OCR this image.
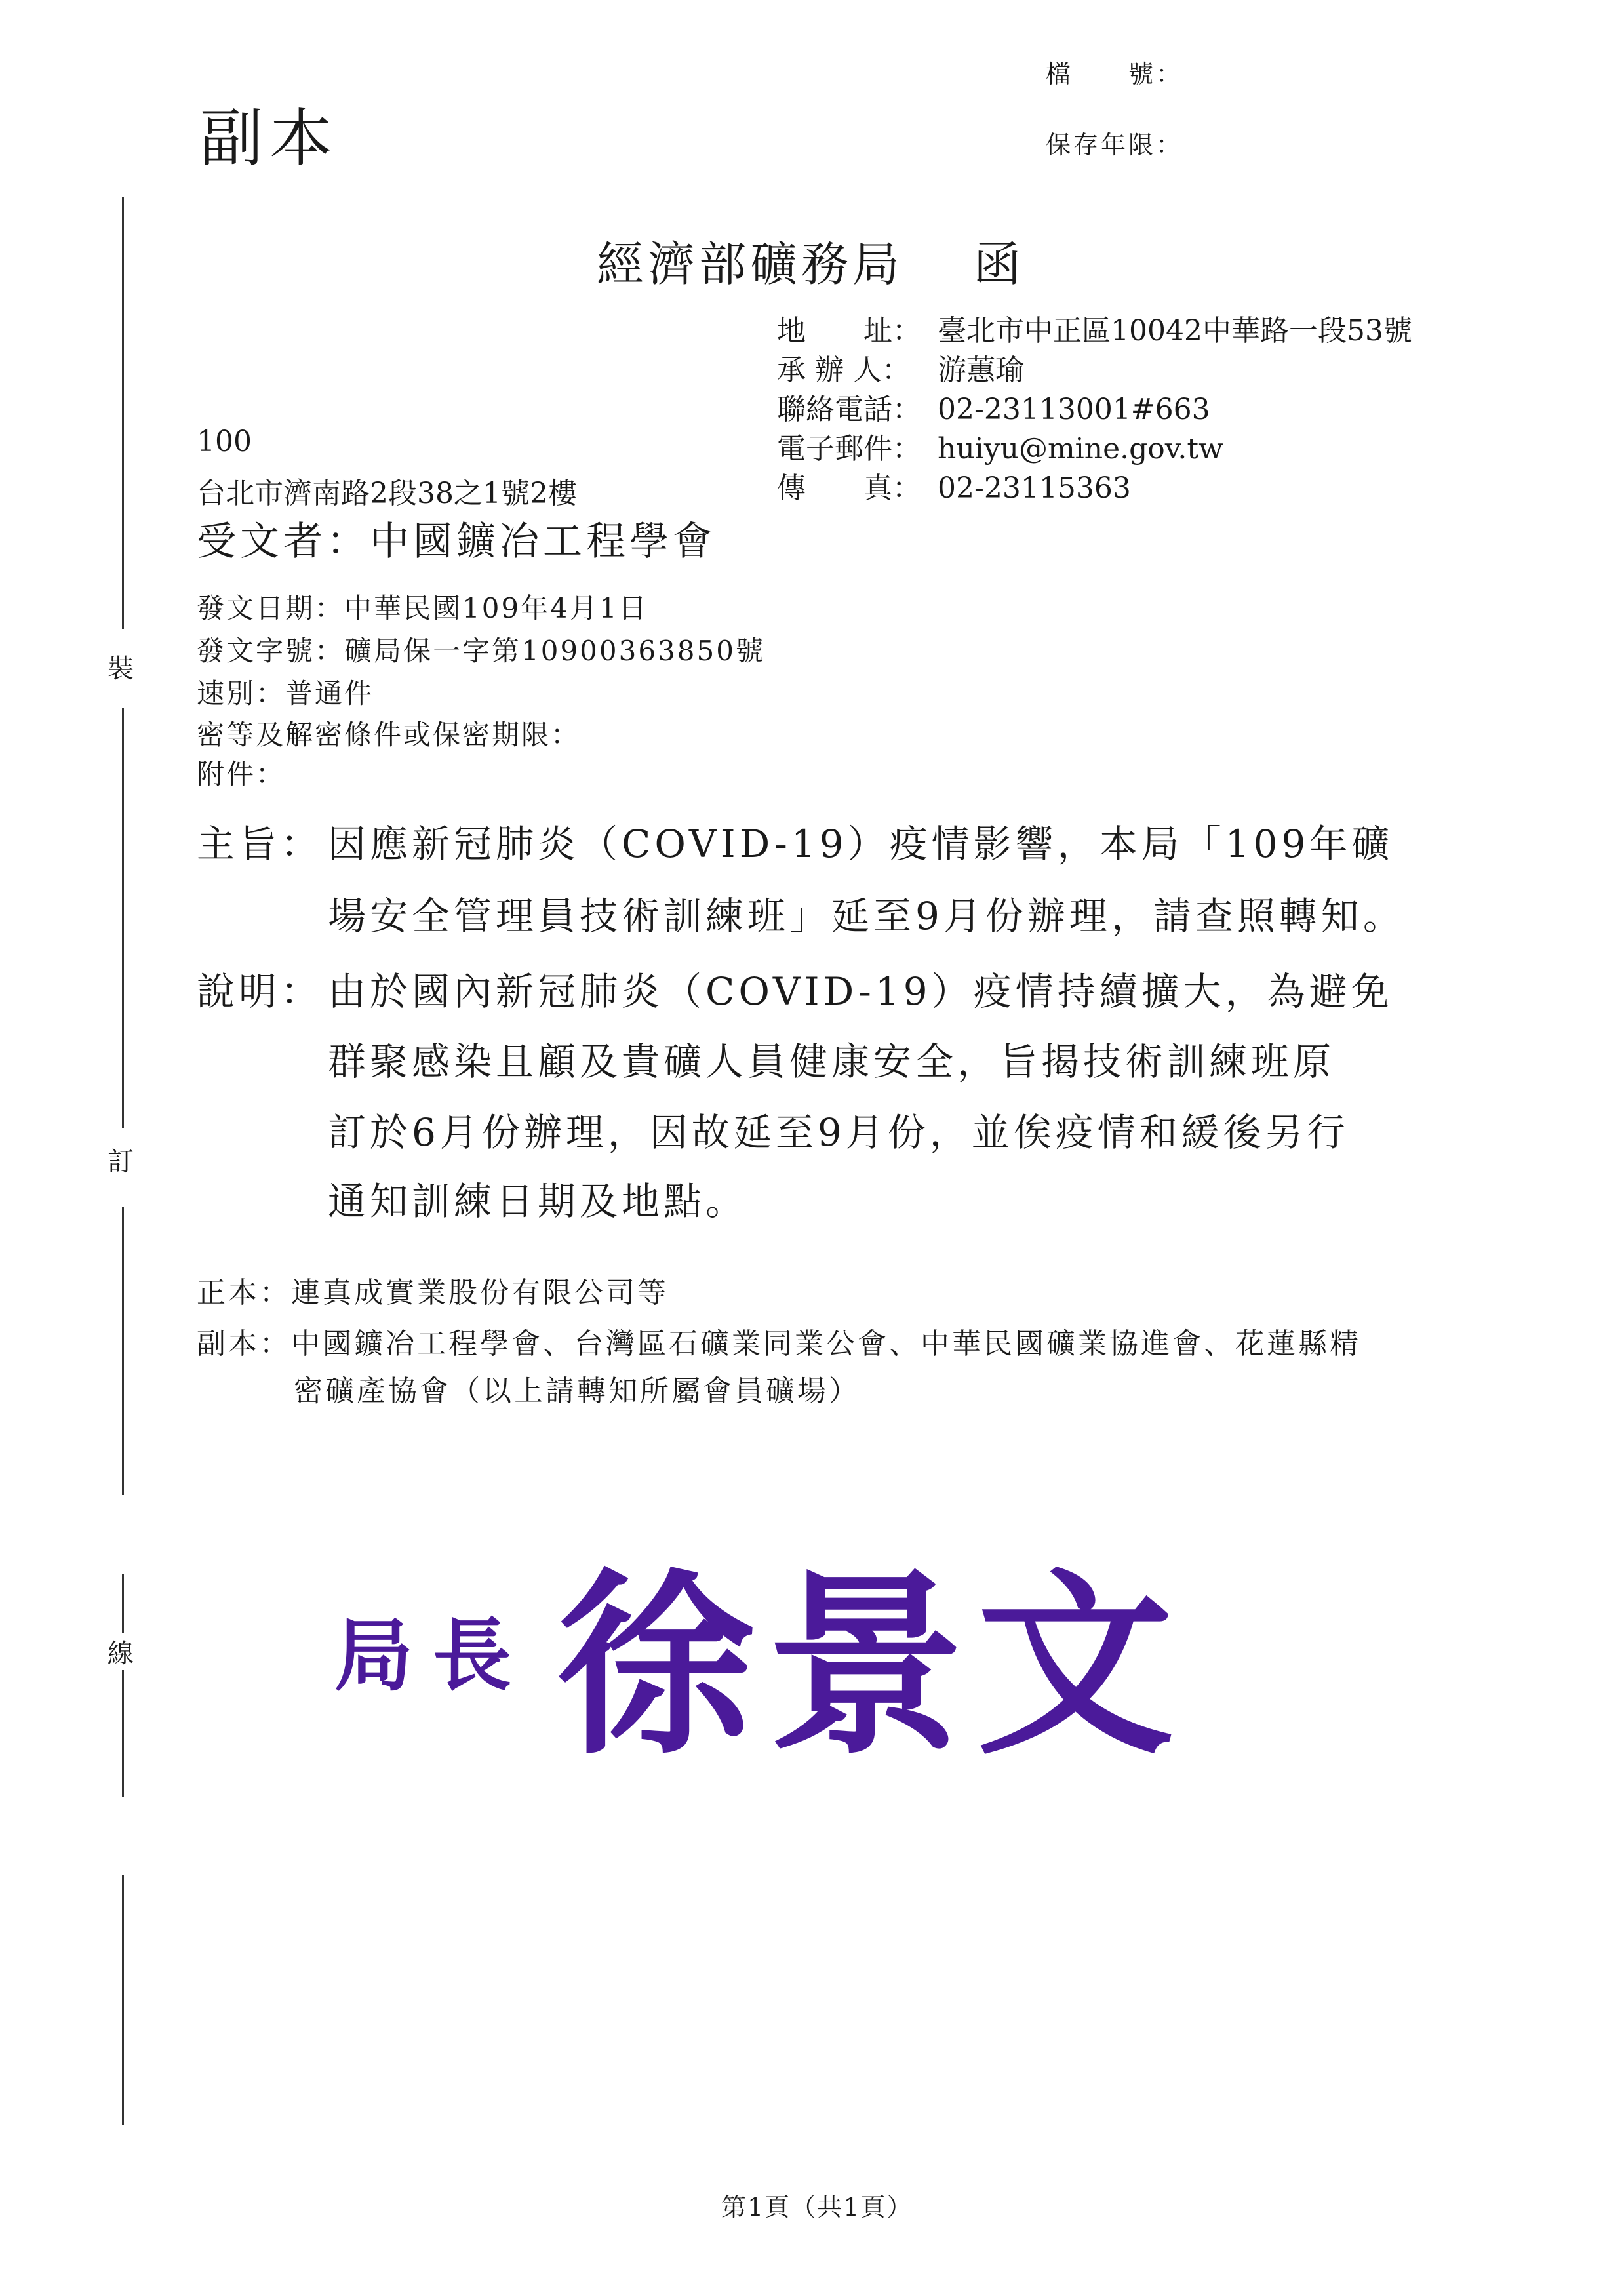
副本
檔　　號：
保存年限：
裝
訂
線
經濟部礦務局　 函
地　　址： 臺北市中正區10042中華路一段53號
承 辦 人： 游蕙瑜
聯絡電話： 02-23113001#663
電子郵件： huiyu@mine.gov.tw
傳　　真： 02-23115363
100
台北市濟南路2段38之1號2樓
受文者：中國鑛冶工程學會
發文日期：中華民國109年4月1日
發文字號：礦局保一字第10900363850號
速別：普通件
密等及解密條件或保密期限：
附件：
主旨： 因應新冠肺炎（COVID-19）疫情影響，本局「109年礦
場安全管理員技術訓練班」延至9月份辦理，請查照轉知。
說明： 由於國內新冠肺炎（COVID-19）疫情持續擴大，為避免
群聚感染且顧及貴礦人員健康安全，旨揭技術訓練班原
訂於6月份辦理，因故延至9月份，並俟疫情和緩後另行
通知訓練日期及地點。
正本：連真成實業股份有限公司等
副本：中國鑛冶工程學會、台灣區石礦業同業公會、中華民國礦業協進會、花蓮縣精
密礦產協會（以上請轉知所屬會員礦場）
局長 徐景文
第1頁（共1頁）
